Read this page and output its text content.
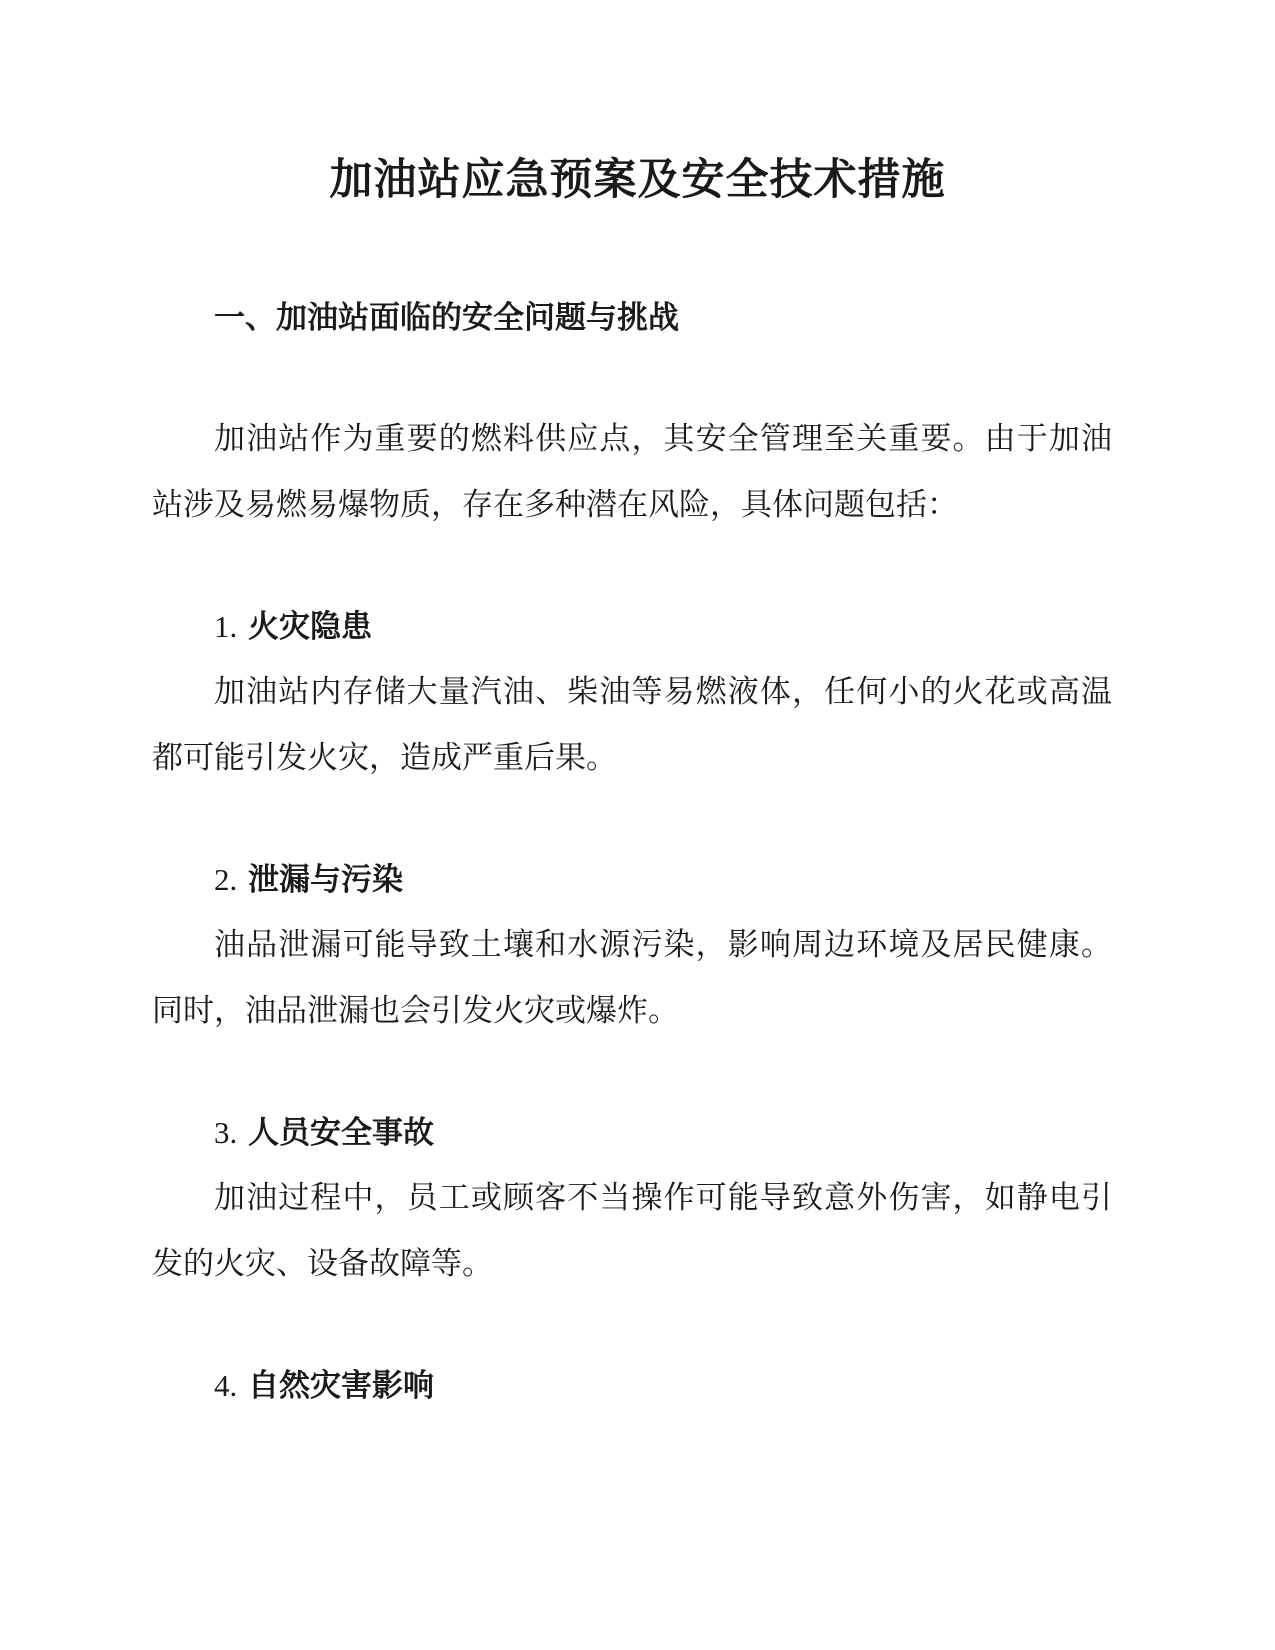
加油站应急预案及安全技术措施
一、加油站面临的安全问题与挑战

加油站作为重要的燃料供应点，其安全管理至关重要。由于加油站涉及易燃易爆物质，存在多种潜在风险，具体问题包括：

1. 火灾隐患

加油站内存储大量汽油、柴油等易燃液体，任何小的火花或高温都可能引发火灾，造成严重后果。

2. 泄漏与污染

油品泄漏可能导致土壤和水源污染，影响周边环境及居民健康。同时，油品泄漏也会引发火灾或爆炸。

3. 人员安全事故

加油过程中，员工或顾客不当操作可能导致意外伤害，如静电引发的火灾、设备故障等。

4. 自然灾害影响
